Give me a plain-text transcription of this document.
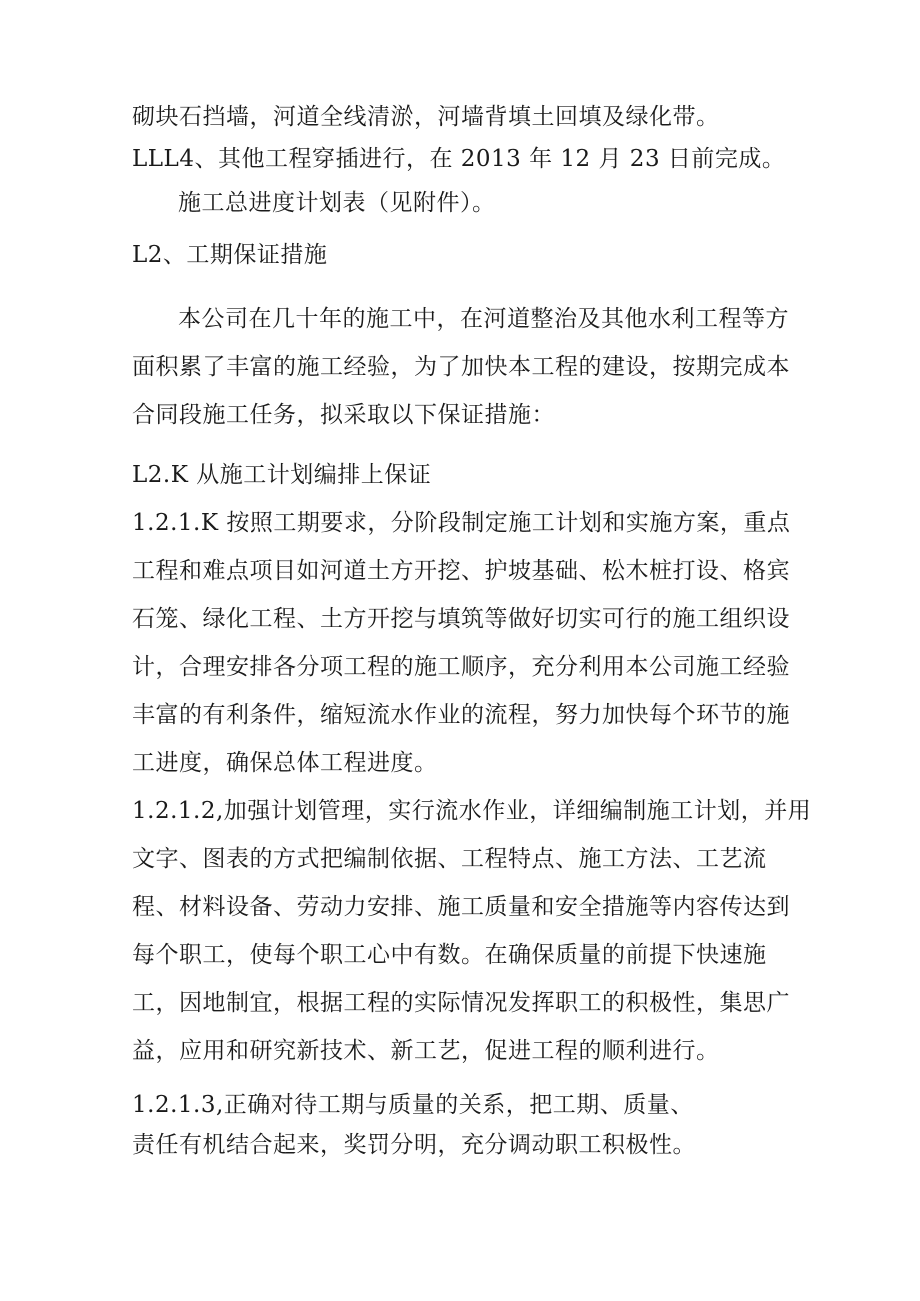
砌块石挡墙，河道全线清淤，河墙背填土回填及绿化带。
LLL4、其他工程穿插进行，在 2013 年 12 月 23 日前完成。
施工总进度计划表（见附件）。
L2、工期保证措施
本公司在几十年的施工中，在河道整治及其他水利工程等方
面积累了丰富的施工经验，为了加快本工程的建设，按期完成本
合同段施工任务，拟采取以下保证措施：
L2.K 从施工计划编排上保证
1.2.1.K 按照工期要求，分阶段制定施工计划和实施方案，重点
工程和难点项目如河道土方开挖、护坡基础、松木桩打设、格宾
石笼、绿化工程、土方开挖与填筑等做好切实可行的施工组织设
计，合理安排各分项工程的施工顺序，充分利用本公司施工经验
丰富的有利条件，缩短流水作业的流程，努力加快每个环节的施
工进度，确保总体工程进度。
1.2.1.2,加强计划管理，实行流水作业，详细编制施工计划，并用
文字、图表的方式把编制依据、工程特点、施工方法、工艺流
程、材料设备、劳动力安排、施工质量和安全措施等内容传达到
每个职工，使每个职工心中有数。在确保质量的前提下快速施
工，因地制宜，根据工程的实际情况发挥职工的积极性，集思广
益，应用和研究新技术、新工艺，促进工程的顺利进行。
1.2.1.3,正确对待工期与质量的关系，把工期、质量、
责任有机结合起来，奖罚分明，充分调动职工积极性。
